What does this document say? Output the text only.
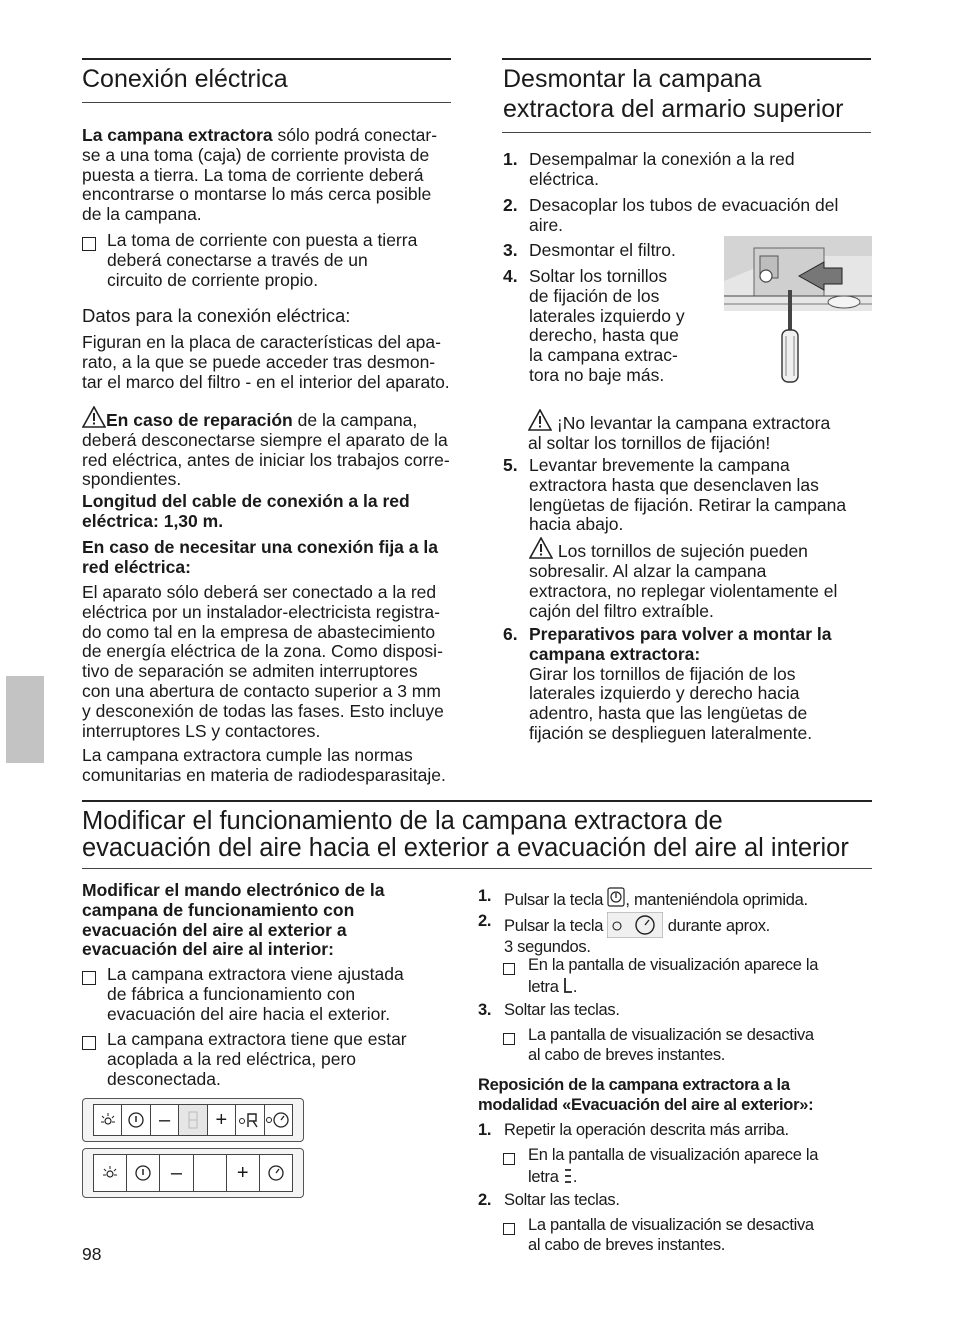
Conexión eléctrica
La campana extractora sólo podrá conectar-
se a una toma (caja) de corriente provista de
puesta a tierra. La toma de corriente deberá
encontrarse o montarse lo más cerca posible
de la campana.
La toma de corriente con puesta a tierra
deberá conectarse a través de un
circuito de corriente propio.
Datos para la conexión eléctrica:
Figuran en la placa de características del apa-
rato, a la que se puede acceder tras desmon-
tar el marco del filtro - en el interior del aparato.
En caso de reparación de la campana,
deberá desconectarse siempre el aparato de la
red eléctrica, antes de iniciar los trabajos corre-
spondientes.
Longitud del cable de conexión a la red
eléctrica: 1,30 m.
En caso de necesitar una conexión fija a la
red eléctrica:
El aparato sólo deberá ser conectado a la red
eléctrica por un instalador-electricista registra-
do como tal en la empresa de abastecimiento
de energía eléctrica de la zona. Como disposi-
tivo de separación se admiten interruptores
con una abertura de contacto superior a 3 mm
y desconexión de todas las fases. Esto incluye
interruptores LS y contactores.
La campana extractora cumple las normas
comunitarias en materia de radiodesparasitaje.
Desmontar la campana
extractora del armario superior
1. Desempalmar la conexión a la red
eléctrica.
2. Desacoplar los tubos de evacuación del
aire.
3. Desmontar el filtro.
4. Soltar los tornillos
de fijación de los
laterales izquierdo y
derecho, hasta que
la campana extrac-
tora no baje más.
¡No levantar la campana extractora
al soltar los tornillos de fijación!
5. Levantar brevemente la campana
extractora hasta que desenclaven las
lengüetas de fijación. Retirar la campana
hacia abajo.
Los tornillos de sujeción pueden
sobresalir. Al alzar la campana
extractora, no replegar violentamente el
cajón del filtro extraíble.
6. Preparativos para volver a montar la
campana extractora:
Girar los tornillos de fijación de los
laterales izquierdo y derecho hacia
adentro, hasta que las lengüetas de
fijación se desplieguen lateralmente.
Modificar el funcionamiento de la campana extractora de
evacuación del aire hacia el exterior a evacuación del aire al interior
Modificar el mando electrónico de la
campana de funcionamiento con
evacuación del aire al exterior a
evacuación del aire al interior:
La campana extractora viene ajustada
de fábrica a funcionamiento con
evacuación del aire hacia el exterior.
La campana extractora tiene que estar
acoplada a la red eléctrica, pero
desconectada.
–	+
–	+
1. Pulsar la tecla , manteniéndola oprimida.
2. Pulsar la tecla	durante aprox.
3 segundos.
En la pantalla de visualización aparece la
letra .
3. Soltar las teclas.
La pantalla de visualización se desactiva
al cabo de breves instantes.
Reposición de la campana extractora a la
modalidad «Evacuación del aire al exterior»:
1. Repetir la operación descrita más arriba.
En la pantalla de visualización aparece la
letra .
2. Soltar las teclas.
La pantalla de visualización se desactiva
al cabo de breves instantes.
98
